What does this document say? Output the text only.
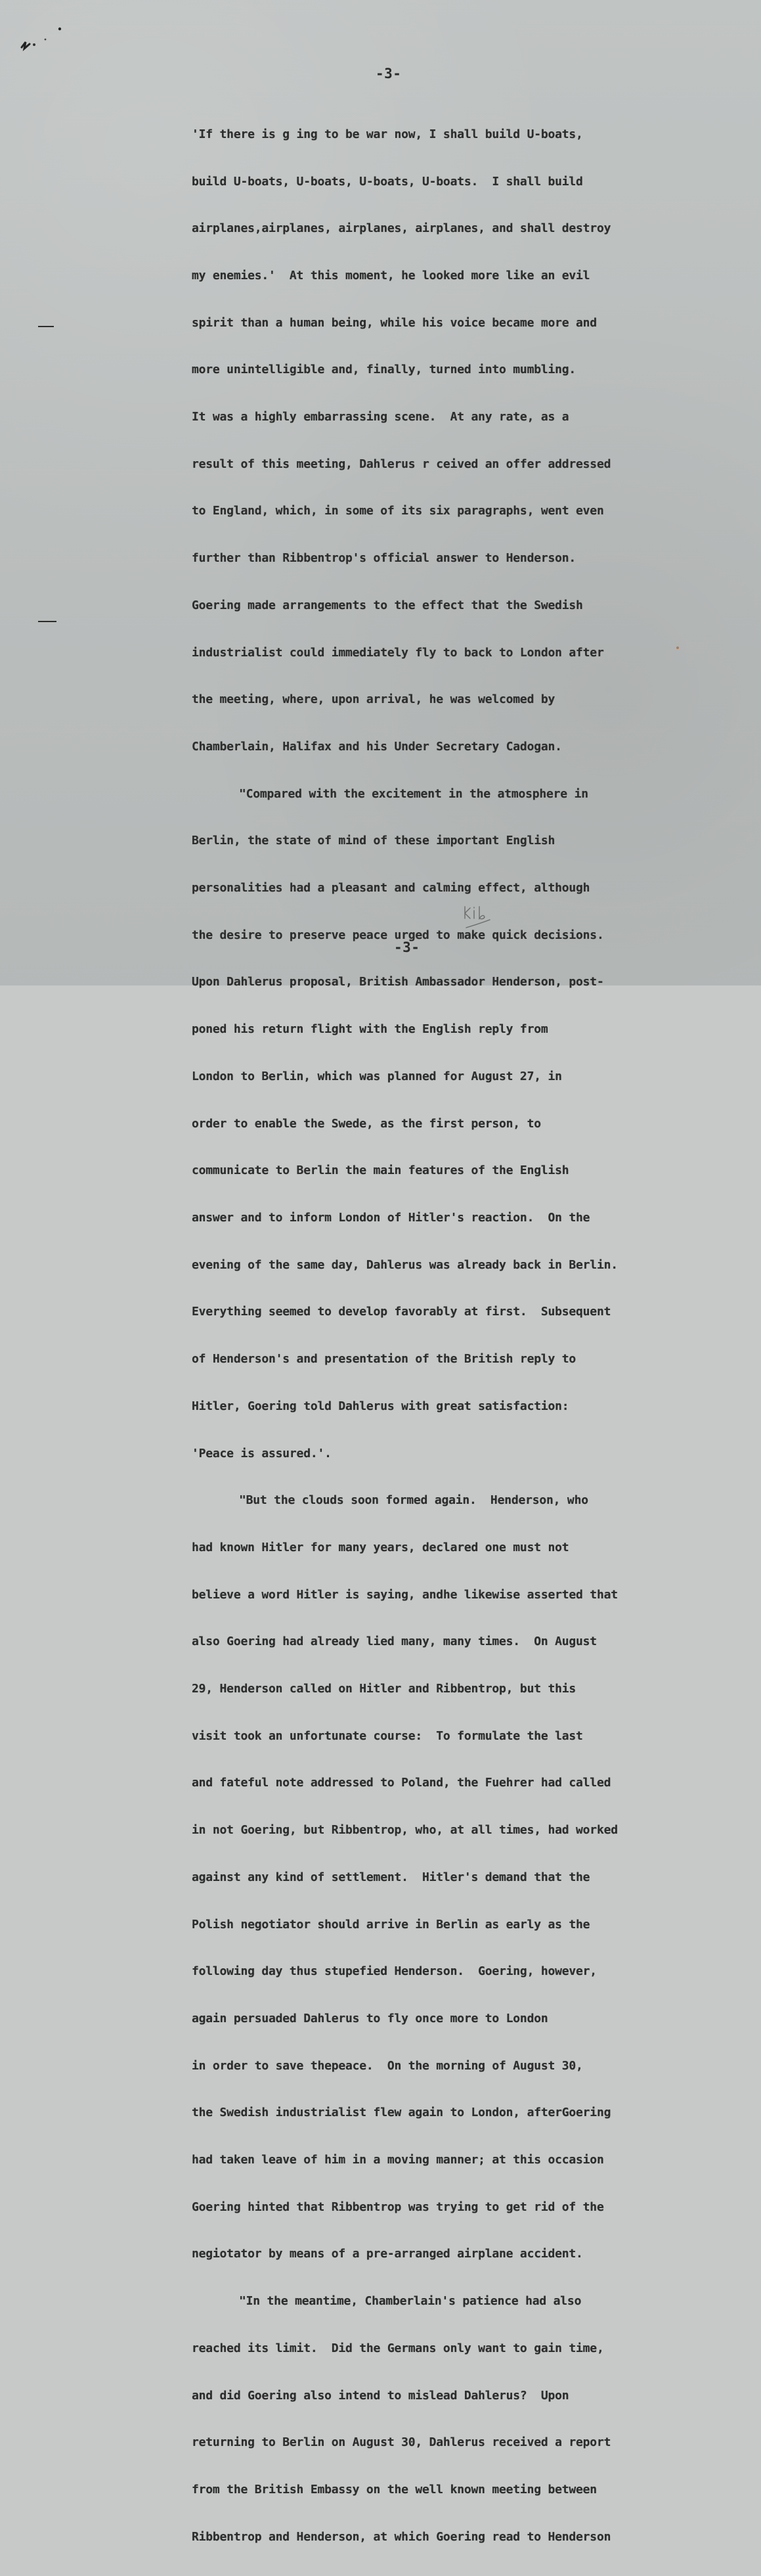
-3-

'If there is g ing to be war now, I shall build U-boats,

build U-boats, U-boats, U-boats, U-boats.  I shall build

airplanes,airplanes, airplanes, airplanes, and shall destroy

my enemies.'  At this moment, he looked more like an evil

spirit than a human being, while his voice became more and

more unintelligible and, finally, turned into mumbling.

It was a highly embarrassing scene.  At any rate, as a

result of this meeting, Dahlerus r ceived an offer addressed

to England, which, in some of its six paragraphs, went even

further than Ribbentrop's official answer to Henderson.

Goering made arrangements to the effect that the Swedish

industrialist could immediately fly to back to London after

the meeting, where, upon arrival, he was welcomed by

Chamberlain, Halifax and his Under Secretary Cadogan.

"Compared with the excitement in the atmosphere in

Berlin, the state of mind of these important English

personalities had a pleasant and calming effect, although

the desire to preserve peace urged to make quick decisions.

Upon Dahlerus proposal, British Ambassador Henderson, post-

poned his return flight with the English reply from

London to Berlin, which was planned for August 27, in

order to enable the Swede, as the first person, to

communicate to Berlin the main features of the English

answer and to inform London of Hitler's reaction.  On the

evening of the same day, Dahlerus was already back in Berlin.

Everything seemed to develop favorably at first.  Subsequent

of Henderson's and presentation of the British reply to

Hitler, Goering told Dahlerus with great satisfaction:

'Peace is assured.'.

"But the clouds soon formed again.  Henderson, who

had known Hitler for many years, declared one must not

believe a word Hitler is saying, andhe likewise asserted that

also Goering had already lied many, many times.  On August

29, Henderson called on Hitler and Ribbentrop, but this

visit took an unfortunate course:  To formulate the last

and fateful note addressed to Poland, the Fuehrer had called

in not Goering, but Ribbentrop, who, at all times, had worked

against any kind of settlement.  Hitler's demand that the

Polish negotiator should arrive in Berlin as early as the

following day thus stupefied Henderson.  Goering, however,

again persuaded Dahlerus to fly once more to London

in order to save thepeace.  On the morning of August 30,

the Swedish industrialist flew again to London, afterGoering

had taken leave of him in a moving manner; at this occasion

Goering hinted that Ribbentrop was trying to get rid of the

negiotator by means of a pre-arranged airplane accident.

"In the meantime, Chamberlain's patience had also

reached its limit.  Did the Germans only want to gain time,

and did Goering also intend to mislead Dahlerus?  Upon

returning to Berlin on August 30, Dahlerus received a report

from the British Embassy on the well known meeting between

Ribbentrop and Henderson, at which Goering read to Henderson

-3-
